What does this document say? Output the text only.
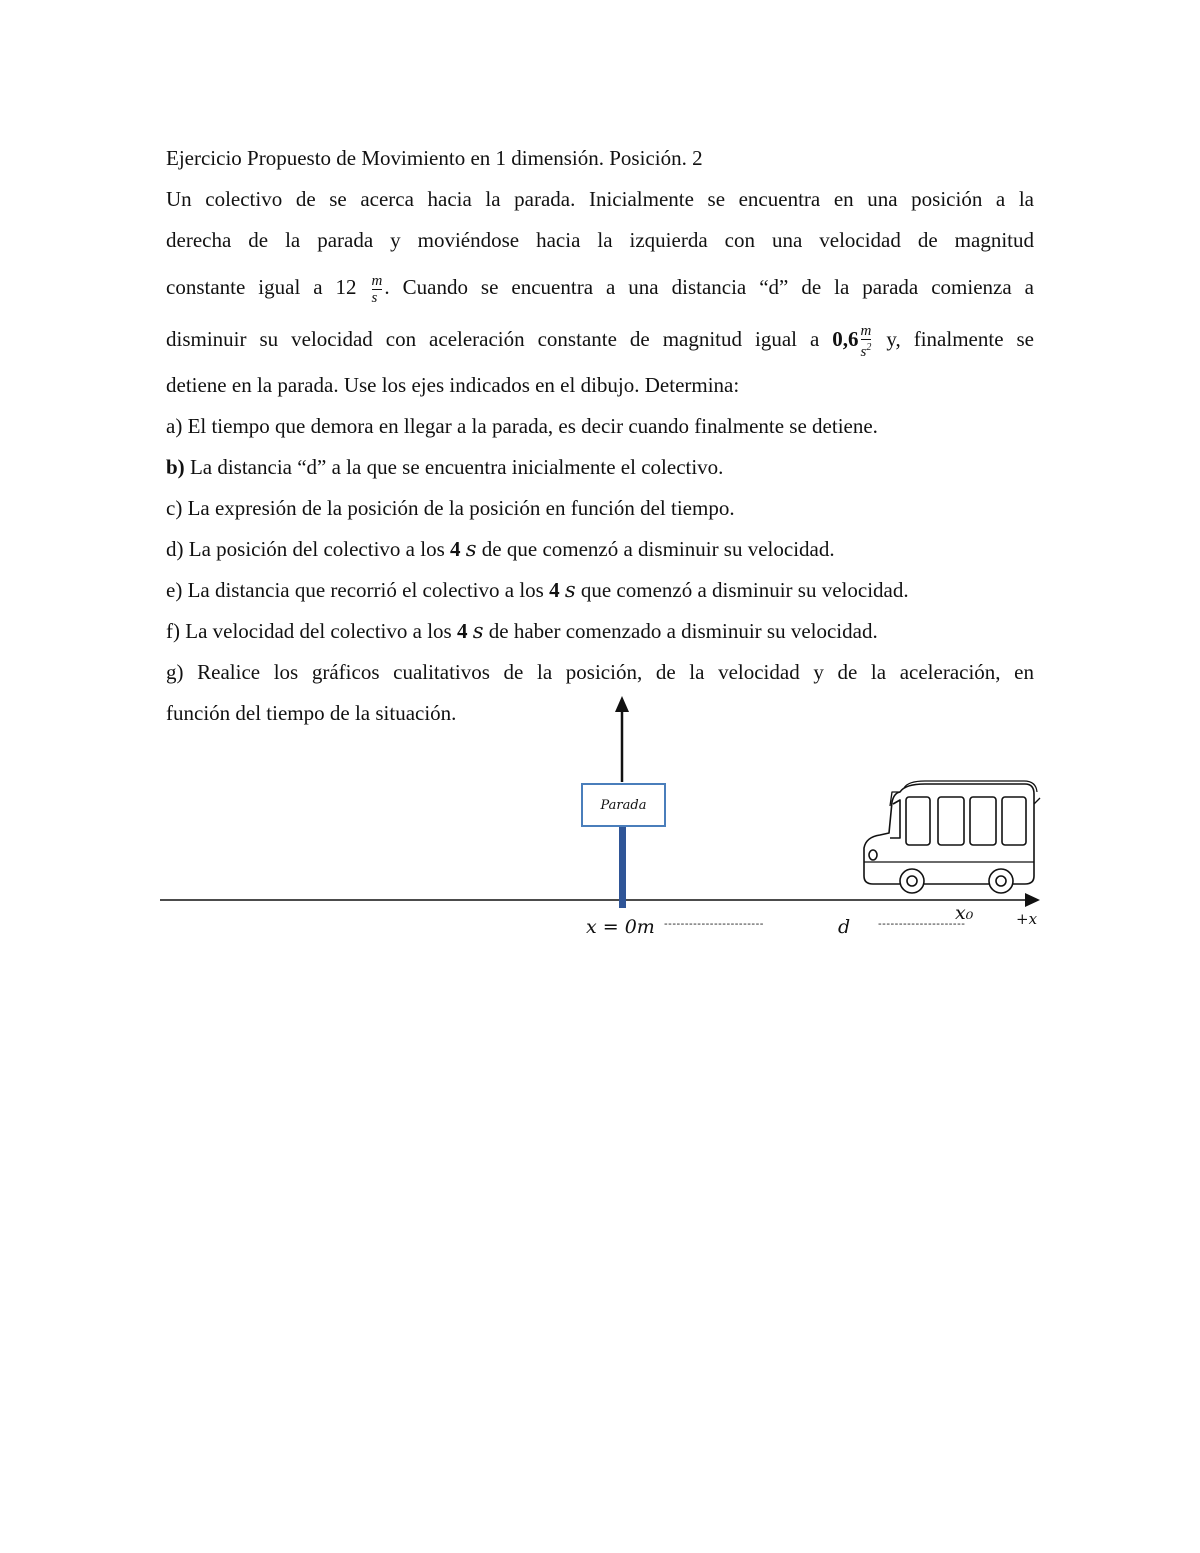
Ejercicio Propuesto de Movimiento en 1 dimensión. Posición. 2
Un colectivo de se acerca hacia la parada. Inicialmente se encuentra en una posición a la
derecha de la parada y moviéndose hacia la izquierda con una velocidad de magnitud
constante igual a $12 \frac{m}{s}$ . Cuando se encuentra a una distancia “d” de la parada comienza a
disminuir su velocidad con aceleración constante de magnitud igual a $0,6 \frac{m}{s^2} y$, finalmente se
detiene en la parada. Use los ejes indicados en el dibujo. Determina:
a) El tiempo que demora en llegar a la parada, es decir cuando finalmente se detiene.
b) La distancia “d” a la que se encuentra inicialmente el colectivo.
c) La expresión de la posición de la posición en función del tiempo.
d) La posición del colectivo a los 4 s de que comenzó a disminuir su velocidad.
e) La distancia que recorrió el colectivo a los 4 s que comenzó a disminuir su velocidad.
f) La velocidad del colectivo a los 4 s de haber comenzado a disminuir su velocidad.
g) Realice los gráficos cualitativos de la posición, de la velocidad y de la aceleración, en
función del tiempo de la situación.
Parada
x = 0m ------------------------	d	---------------------
x₀	+x
